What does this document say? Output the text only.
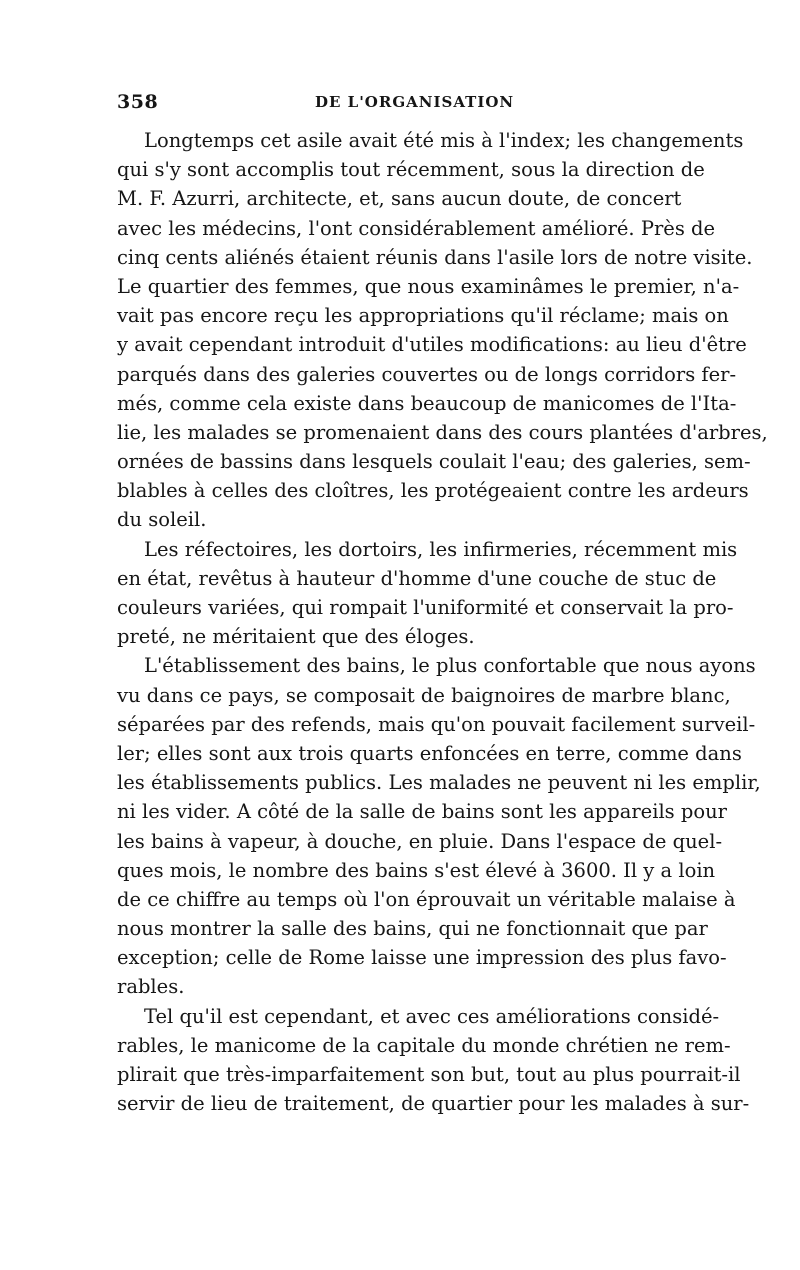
358	DE L'ORGANISATION

Longtemps cet asile avait été mis à l'index; les changements

qui s'y sont accomplis tout récemment, sous la direction de

M. F. Azurri, architecte, et, sans aucun doute, de concert

avec les médecins, l'ont considérablement amélioré. Près de

cinq cents aliénés étaient réunis dans l'asile lors de notre visite.

Le quartier des femmes, que nous examinâmes le premier, n'a-

vait pas encore reçu les appropriations qu'il réclame; mais on

y avait cependant introduit d'utiles modifications: au lieu d'être

parqués dans des galeries couvertes ou de longs corridors fer-

més, comme cela existe dans beaucoup de manicomes de l'Ita-

lie, les malades se promenaient dans des cours plantées d'arbres,

ornées de bassins dans lesquels coulait l'eau; des galeries, sem-

blables à celles des cloîtres, les protégeaient contre les ardeurs

du soleil.

Les réfectoires, les dortoirs, les infirmeries, récemment mis

en état, revêtus à hauteur d'homme d'une couche de stuc de

couleurs variées, qui rompait l'uniformité et conservait la pro-

preté, ne méritaient que des éloges.

L'établissement des bains, le plus confortable que nous ayons

vu dans ce pays, se composait de baignoires de marbre blanc,

séparées par des refends, mais qu'on pouvait facilement surveil-

ler; elles sont aux trois quarts enfoncées en terre, comme dans

les établissements publics. Les malades ne peuvent ni les emplir,

ni les vider. A côté de la salle de bains sont les appareils pour

les bains à vapeur, à douche, en pluie. Dans l'espace de quel-

ques mois, le nombre des bains s'est élevé à 3600. Il y a loin

de ce chiffre au temps où l'on éprouvait un véritable malaise à

nous montrer la salle des bains, qui ne fonctionnait que par

exception; celle de Rome laisse une impression des plus favo-

rables.

Tel qu'il est cependant, et avec ces améliorations considé-

rables, le manicome de la capitale du monde chrétien ne rem-

plirait que très-imparfaitement son but, tout au plus pourrait-il

servir de lieu de traitement, de quartier pour les malades à sur-
